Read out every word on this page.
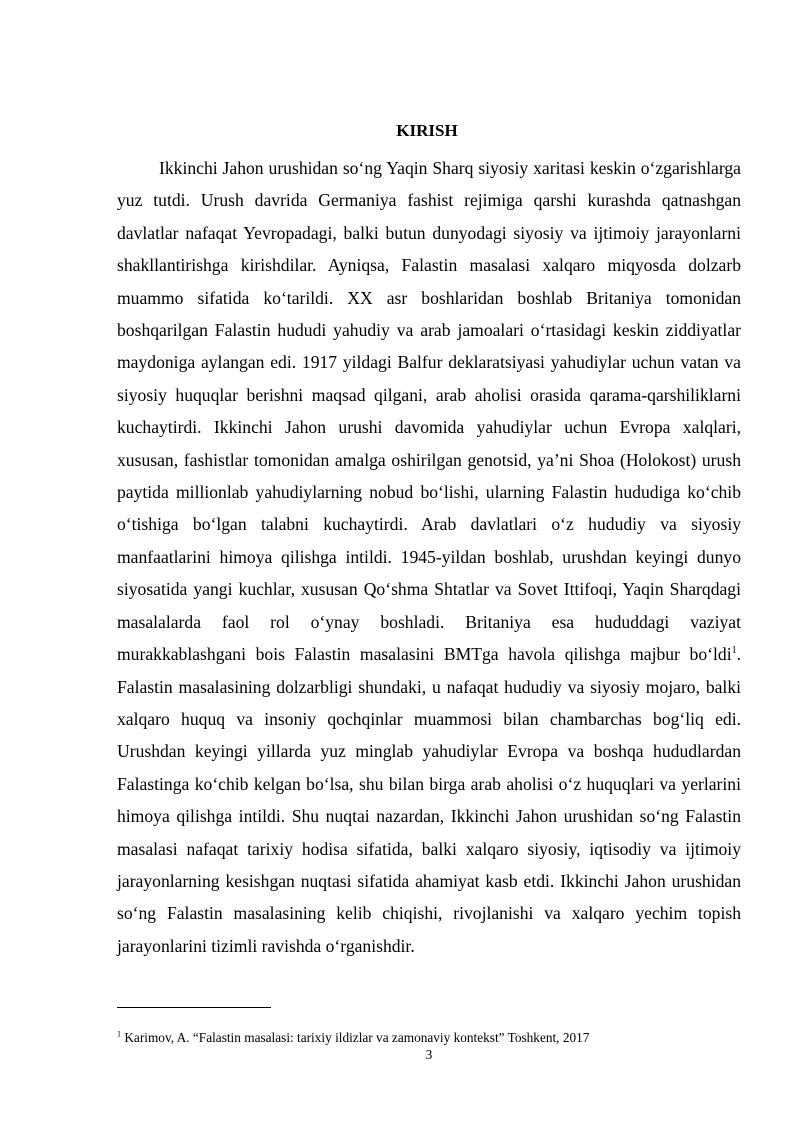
KIRISH

Ikkinchi Jahon urushidan so‘ng Yaqin Sharq siyosiy xaritasi keskin o‘zgarishlarga yuz tutdi. Urush davrida Germaniya fashist rejimiga qarshi kurashda qatnashgan davlatlar nafaqat Yevropadagi, balki butun dunyodagi siyosiy va ijtimoiy jarayonlarni shakllantirishga kirishdilar. Ayniqsa, Falastin masalasi xalqaro miqyosda dolzarb muammo sifatida ko‘tarildi. XX asr boshlaridan boshlab Britaniya tomonidan boshqarilgan Falastin hududi yahudiy va arab jamoalari o‘rtasidagi keskin ziddiyatlar maydoniga aylangan edi. 1917 yildagi Balfur deklaratsiyasi yahudiylar uchun vatan va siyosiy huquqlar berishni maqsad qilgani, arab aholisi orasida qarama-qarshiliklarni kuchaytirdi. Ikkinchi Jahon urushi davomida yahudiylar uchun Evropa xalqlari, xususan, fashistlar tomonidan amalga oshirilgan genotsid, ya’ni Shoa (Holokost) urush paytida millionlab yahudiylarning nobud bo‘lishi, ularning Falastin hududiga ko‘chib o‘tishiga bo‘lgan talabni kuchaytirdi. Arab davlatlari o‘z hududiy va siyosiy manfaatlarini himoya qilishga intildi. 1945-yildan boshlab, urushdan keyingi dunyo siyosatida yangi kuchlar, xususan Qo‘shma Shtatlar va Sovet Ittifoqi, Yaqin Sharqdagi masalalarda faol rol o‘ynay boshladi. Britaniya esa hududdagi vaziyat murakkablashgani bois Falastin masalasini BMTga havola qilishga majbur bo‘ldi$^1$. Falastin masalasining dolzarbligi shundaki, u nafaqat hududiy va siyosiy mojaro, balki xalqaro huquq va insoniy qochqinlar muammosi bilan chambarchas bog‘liq edi. Urushdan keyingi yillarda yuz minglab yahudiylar Evropa va boshqa hududlardan Falastinga ko‘chib kelgan bo‘lsa, shu bilan birga arab aholisi o‘z huquqlari va yerlarini himoya qilishga intildi. Shu nuqtai nazardan, Ikkinchi Jahon urushidan so‘ng Falastin masalasi nafaqat tarixiy hodisa sifatida, balki xalqaro siyosiy, iqtisodiy va ijtimoiy jarayonlarning kesishgan nuqtasi sifatida ahamiyat kasb etdi. Ikkinchi Jahon urushidan so‘ng Falastin masalasining kelib chiqishi, rivojlanishi va xalqaro yechim topish jarayonlarini tizimli ravishda o‘rganishdir.

$^1$ Karimov, A. “Falastin masalasi: tarixiy ildizlar va zamonaviy kontekst” Toshkent, 2017
3
